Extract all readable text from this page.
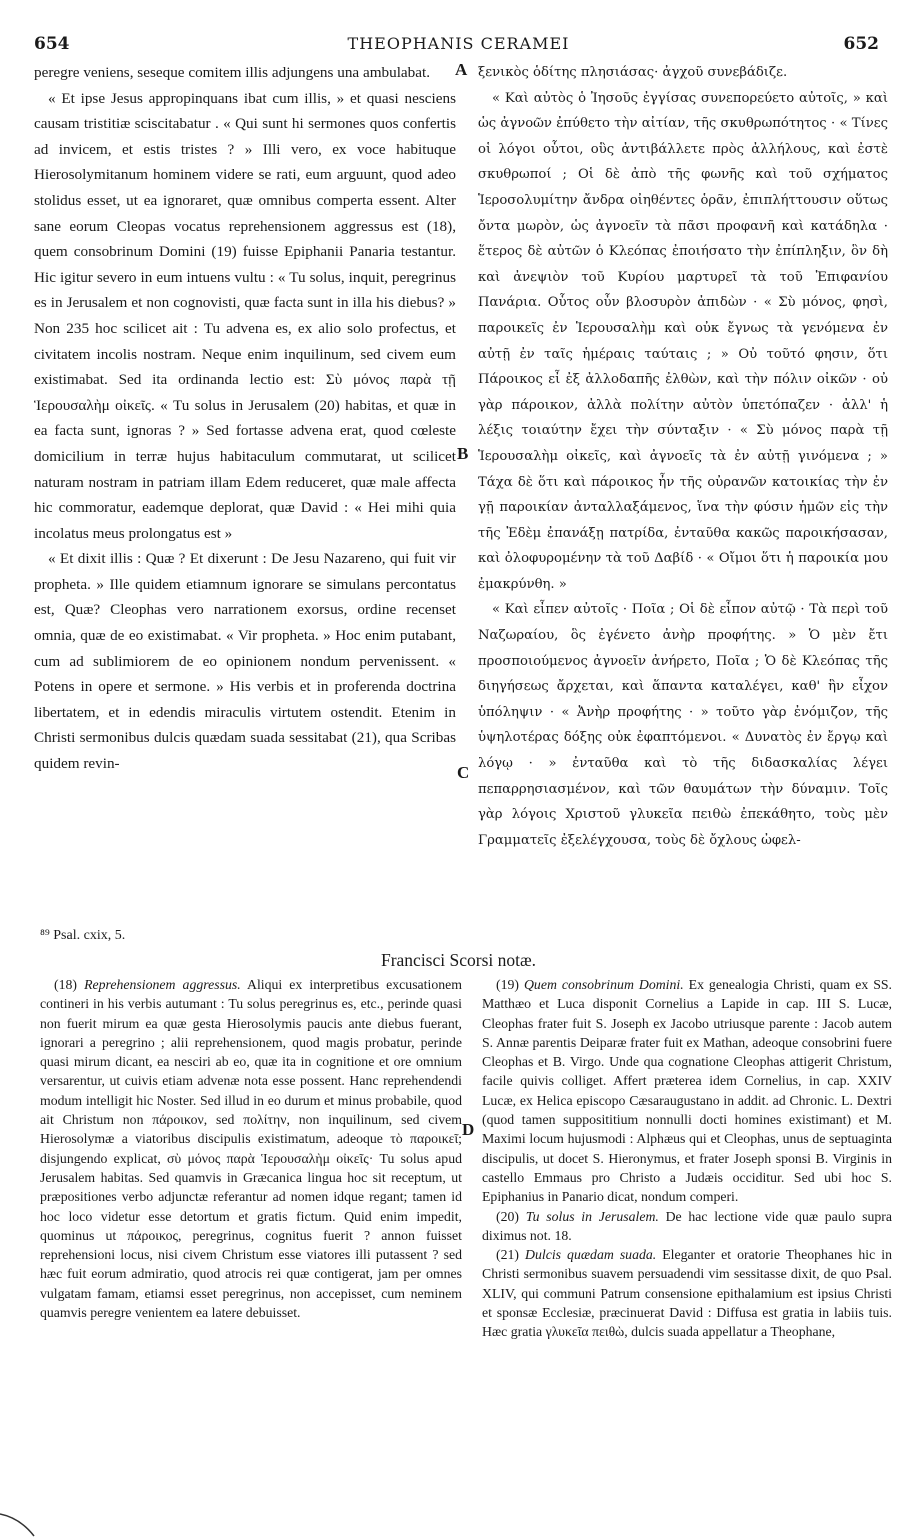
654	THEOPHANIS CERAMEI	652

peregre veniens, seseque comitem illis adjungens una ambulabat.

« Et ipse Jesus appropinquans ibat cum illis, » et quasi nesciens causam tristitiæ sciscitabatur . « Qui sunt hi sermones quos confertis ad invicem, et estis tristes ? » Illi vero, ex voce habituque Hierosolymitanum hominem videre se rati, eum arguunt, quod adeo stolidus esset, ut ea ignoraret, quæ omnibus comperta essent. Alter sane eorum Cleopas vocatus reprehensionem aggressus est (18), quem consobrinum Domini (19) fuisse Epiphanii Panaria testantur. Hic igitur severo in eum intuens vultu : « Tu solus, inquit, peregrinus es in Jerusalem et non cognovisti, quæ facta sunt in illa his diebus? » Non 235 hoc scilicet ait : Tu advena es, ex alio solo profectus, et civitatem incolis nostram. Neque enim inquilinum, sed civem eum existimabat. Sed ita ordinanda lectio est: Σὺ μόνος παρὰ τῇ Ἱερουσαλὴμ οἰκεῖς. « Tu solus in Jerusalem (20) habitas, et quæ in ea facta sunt, ignoras ? » Sed fortasse advena erat, quod cœleste domicilium in terræ hujus habitaculum commutarat, ut scilicet naturam nostram in patriam illam Edem reduceret, quæ male affecta hic commoratur, eademque deplorat, quæ David : « Hei mihi quia incolatus meus prolongatus est »

« Et dixit illis : Quæ ? Et dixerunt : De Jesu Nazareno, qui fuit vir propheta. » Ille quidem etiamnum ignorare se simulans percontatus est, Quæ? Cleophas vero narrationem exorsus, ordine recenset omnia, quæ de eo existimabat. « Vir propheta. » Hoc enim putabant, cum ad sublimiorem de eo opinionem nondum pervenissent. « Potens in opere et sermone. » His verbis et in proferenda doctrina libertatem, et in edendis miraculis virtutem ostendit. Etenim in Christi sermonibus dulcis quædam suada sessitabat (21), qua Scribas quidem revin-

A
B
C
D

ξενικὸς ὁδίτης πλησιάσας· ἀγχοῦ συνεβάδιζε.

« Καὶ αὐτὸς ὁ Ἰησοῦς ἐγγίσας συνεπορεύετο αὐτοῖς, » καὶ ὡς ἀγνοῶν ἐπύθετο τὴν αἰτίαν, τῆς σκυθρωπότητος · « Τίνες οἱ λόγοι οὗτοι, οὓς ἀντιβάλλετε πρὸς ἀλλήλους, καὶ ἐστὲ σκυθρωποί ; Οἱ δὲ ἀπὸ τῆς φωνῆς καὶ τοῦ σχήματος Ἱεροσολυμίτην ἄνδρα οἰηθέντες ὁρᾶν, ἐπιπλήττουσιν οὕτως ὄντα μωρὸν, ὡς ἀγνοεῖν τὰ πᾶσι προφανῆ καὶ κατάδηλα · ἕτερος δὲ αὐτῶν ὁ Κλεόπας ἐποιήσατο τὴν ἐπίπληξιν, ὃν δὴ καὶ ἀνεψιὸν τοῦ Κυρίου μαρτυρεῖ τὰ τοῦ Ἐπιφανίου Πανάρια. Οὗτος οὖν βλοσυρὸν ἀπιδὼν · « Σὺ μόνος, φησὶ, παροικεῖς ἐν Ἱερουσαλὴμ καὶ οὐκ ἔγνως τὰ γενόμενα ἐν αὐτῇ ἐν ταῖς ἡμέραις ταύταις ; » Οὐ τοῦτό φησιν, ὅτι Πάροικος εἶ ἐξ ἀλλοδαπῆς ἐλθὼν, καὶ τὴν πόλιν οἰκῶν · οὐ γὰρ πάροικον, ἀλλὰ πολίτην αὐτὸν ὑπετόπαζεν · ἀλλ' ἡ λέξις τοιαύτην ἔχει τὴν σύνταξιν · « Σὺ μόνος παρὰ τῇ Ἱερουσαλὴμ οἰκεῖς, καὶ ἀγνοεῖς τὰ ἐν αὐτῇ γινόμενα ; » Τάχα δὲ ὅτι καὶ πάροικος ἦν τῆς οὐρανῶν κατοικίας τὴν ἐν γῇ παροικίαν ἀνταλλαξάμενος, ἵνα τὴν φύσιν ἡμῶν εἰς τὴν τῆς Ἐδὲμ ἐπανάξῃ πατρίδα, ἐνταῦθα κακῶς παροικήσασαν, καὶ ὀλοφυρομένην τὰ τοῦ Δαβίδ · « Οἴμοι ὅτι ἡ παροικία μου ἐμακρύνθη. »

« Καὶ εἶπεν αὐτοῖς · Ποῖα ; Οἱ δὲ εἶπον αὐτῷ · Τὰ περὶ τοῦ Ναζωραίου, ὃς ἐγένετο ἀνὴρ προφήτης. » Ὁ μὲν ἔτι προσποιούμενος ἀγνοεῖν ἀνήρετο, Ποῖα ; Ὁ δὲ Κλεόπας τῆς διηγήσεως ἄρχεται, καὶ ἅπαντα καταλέγει, καθ' ἣν εἶχον ὑπόληψιν · « Ἀνὴρ προφήτης · » τοῦτο γὰρ ἐνόμιζον, τῆς ὑψηλοτέρας δόξης οὐκ ἐφαπτόμενοι. « Δυνατὸς ἐν ἔργῳ καὶ λόγῳ · » ἐνταῦθα καὶ τὸ τῆς διδασκαλίας λέγει πεπαρρησιασμένον, καὶ τῶν θαυμάτων τὴν δύναμιν. Τοῖς γὰρ λόγοις Χριστοῦ γλυκεῖα πειθὼ ἐπεκάθητο, τοὺς μὲν Γραμματεῖς ἐξελέγχουσα, τοὺς δὲ ὄχλους ὠφελ-

⁸⁹ Psal. cxix, 5.
Francisci Scorsi notæ.

(18) Reprehensionem aggressus. Aliqui ex interpretibus excusationem contineri in his verbis autumant : Tu solus peregrinus es, etc., perinde quasi non fuerit mirum ea quæ gesta Hierosolymis paucis ante diebus fuerant, ignorari a peregrino ; alii reprehensionem, quod magis probatur, perinde quasi mirum dicant, ea nesciri ab eo, quæ ita in cognitione et ore omnium versarentur, ut cuivis etiam advenæ nota esse possent. Hanc reprehendendi modum intelligit hic Noster. Sed illud in eo durum et minus probabile, quod ait Christum non πάροικον, sed πολίτην, non inquilinum, sed civem Hierosolymæ a viatoribus discipulis existimatum, adeoque τὸ παροικεῖ; disjungendo explicat, σὺ μόνος παρὰ Ἱερουσαλὴμ οἰκεῖς· Tu solus apud Jerusalem habitas. Sed quamvis in Græcanica lingua hoc sit receptum, ut præpositiones verbo adjunctæ referantur ad nomen idque regant; tamen id hoc loco videtur esse detortum et gratis fictum. Quid enim impedit, quominus ut πάροικος, peregrinus, cognitus fuerit ? annon fuisset reprehensioni locus, nisi civem Christum esse viatores illi putassent ? sed hæc fuit eorum admiratio, quod atrocis rei quæ contigerat, jam per omnes vulgatam famam, etiamsi esset peregrinus, non accepisset, cum neminem quamvis peregre venientem ea latere debuisset.

(19) Quem consobrinum Domini. Ex genealogia Christi, quam ex SS. Matthæo et Luca disponit Cornelius a Lapide in cap. III S. Lucæ, Cleophas frater fuit S. Joseph ex Jacobo utriusque parente : Jacob autem S. Annæ parentis Deiparæ frater fuit ex Mathan, adeoque consobrini fuere Cleophas et B. Virgo. Unde qua cognatione Cleophas attigerit Christum, facile quivis colliget. Affert præterea idem Cornelius, in cap. XXIV Lucæ, ex Helica episcopo Cæsaraugustano in addit. ad Chronic. L. Dextri (quod tamen supposititium nonnulli docti homines existimant) et M. Maximi locum hujusmodi : Alphæus qui et Cleophas, unus de septuaginta discipulis, ut docet S. Hieronymus, et frater Joseph sponsi B. Virginis in castello Emmaus pro Christo a Judæis occiditur. Sed ubi hoc S. Epiphanius in Panario dicat, nondum comperi.

(20) Tu solus in Jerusalem. De hac lectione vide quæ paulo supra diximus not. 18.

(21) Dulcis quædam suada. Eleganter et oratorie Theophanes hic in Christi sermonibus suavem persuadendi vim sessitasse dixit, de quo Psal. XLIV, qui communi Patrum consensione epithalamium est ipsius Christi et sponsæ Ecclesiæ, præcinuerat David : Diffusa est gratia in labiis tuis. Hæc gratia γλυκεῖα πειθὼ, dulcis suada appellatur a Theophane,
